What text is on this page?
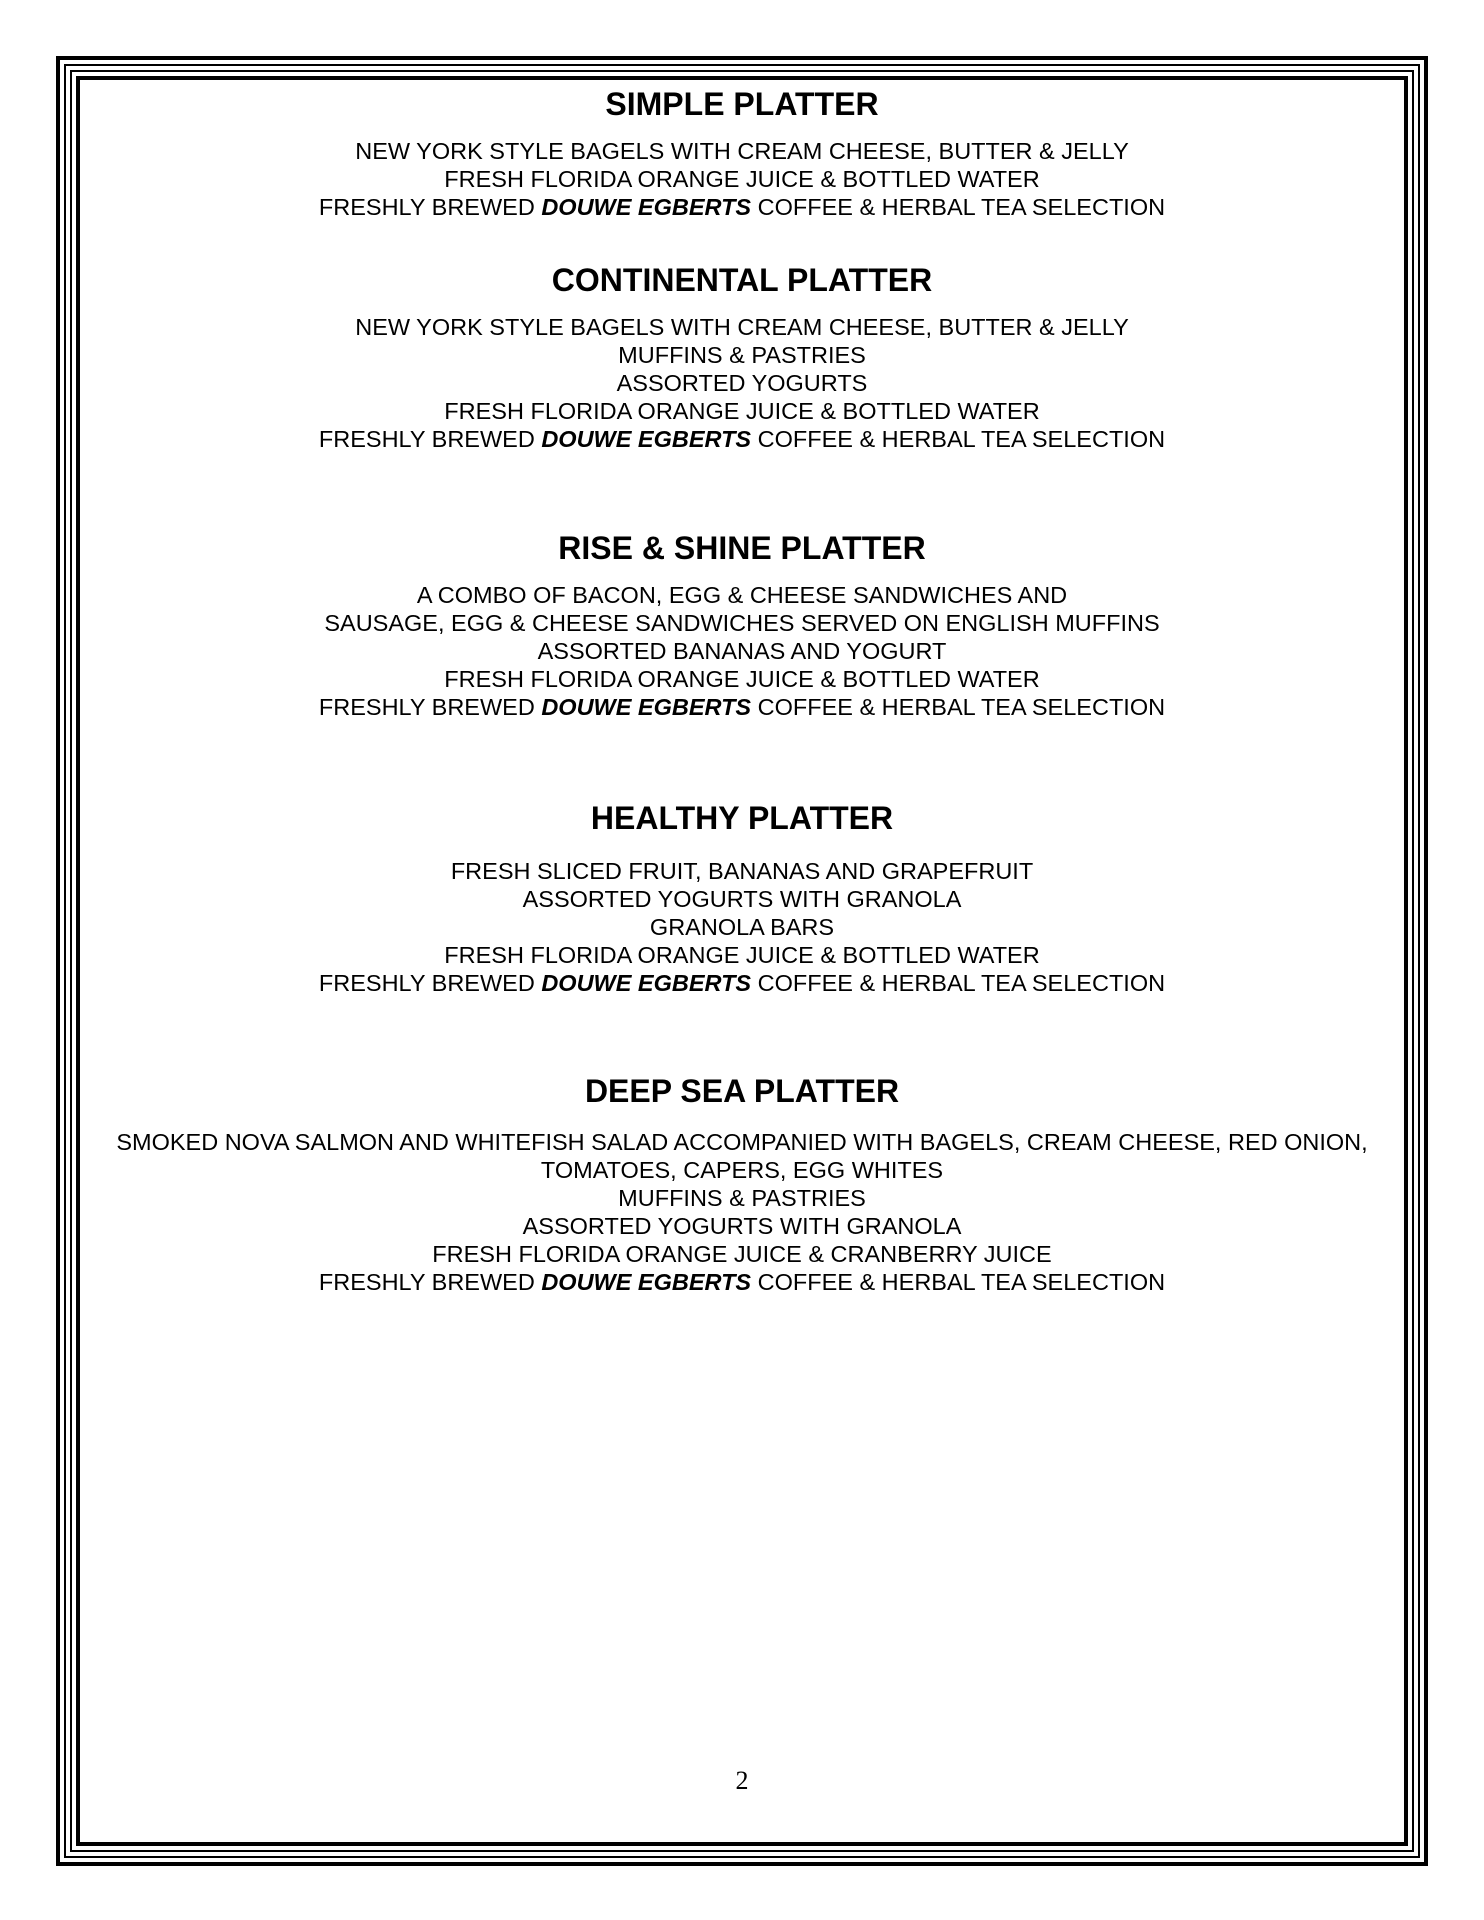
SIMPLE PLATTER
NEW YORK STYLE BAGELS WITH CREAM CHEESE, BUTTER & JELLY
FRESH FLORIDA ORANGE JUICE & BOTTLED WATER
FRESHLY BREWED DOUWE EGBERTS COFFEE & HERBAL TEA SELECTION
CONTINENTAL PLATTER
NEW YORK STYLE BAGELS WITH CREAM CHEESE, BUTTER & JELLY
MUFFINS & PASTRIES
ASSORTED YOGURTS
FRESH FLORIDA ORANGE JUICE & BOTTLED WATER
FRESHLY BREWED DOUWE EGBERTS COFFEE & HERBAL TEA SELECTION
RISE & SHINE PLATTER
A COMBO OF BACON, EGG & CHEESE SANDWICHES AND
SAUSAGE, EGG & CHEESE SANDWICHES SERVED ON ENGLISH MUFFINS
ASSORTED BANANAS AND YOGURT
FRESH FLORIDA ORANGE JUICE & BOTTLED WATER
FRESHLY BREWED DOUWE EGBERTS COFFEE & HERBAL TEA SELECTION
HEALTHY PLATTER
FRESH SLICED FRUIT, BANANAS AND GRAPEFRUIT
ASSORTED YOGURTS WITH GRANOLA
GRANOLA BARS
FRESH FLORIDA ORANGE JUICE & BOTTLED WATER
FRESHLY BREWED DOUWE EGBERTS COFFEE & HERBAL TEA SELECTION
DEEP SEA PLATTER
SMOKED NOVA SALMON AND WHITEFISH SALAD ACCOMPANIED WITH BAGELS, CREAM CHEESE, RED ONION,
TOMATOES, CAPERS, EGG WHITES
MUFFINS & PASTRIES
ASSORTED YOGURTS WITH GRANOLA
FRESH FLORIDA ORANGE JUICE & CRANBERRY JUICE
FRESHLY BREWED DOUWE EGBERTS COFFEE & HERBAL TEA SELECTION
2
